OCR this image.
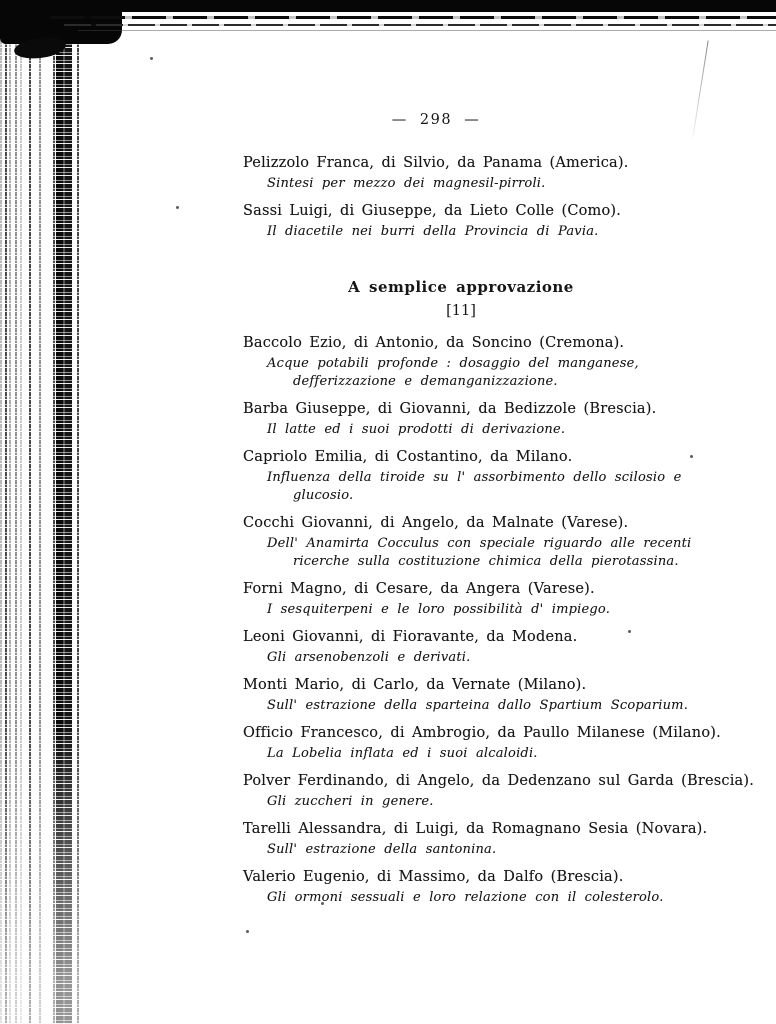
— 298 —
Pelizzolo Franca, di Silvio, da Panama (America).
Sintesi per mezzo dei magnesil-pirroli.
Sassi Luigi, di Giuseppe, da Lieto Colle (Como).
Il diacetile nei burri della Provincia di Pavia.
A semplice approvazione
[11]
Baccolo Ezio, di Antonio, da Soncino (Cremona).
Acque potabili profonde : dosaggio del manganese, defferizzazione e demanganizzazione.
Barba Giuseppe, di Giovanni, da Bedizzole (Brescia).
Il latte ed i suoi prodotti di derivazione.
Capriolo Emilia, di Costantino, da Milano.
Influenza della tiroide su l' assorbimento dello scilosio e glucosio.
Cocchi Giovanni, di Angelo, da Malnate (Varese).
Dell' Anamirta Cocculus con speciale riguardo alle recenti ricerche sulla costituzione chimica della pierotassina.
Forni Magno, di Cesare, da Angera (Varese).
I sesquiterpeni e le loro possibilità d' impiego.
Leoni Giovanni, di Fioravante, da Modena.
Gli arsenobenzoli e derivati.
Monti Mario, di Carlo, da Vernate (Milano).
Sull' estrazione della sparteina dallo Spartium Scoparium.
Officio Francesco, di Ambrogio, da Paullo Milanese (Milano).
La Lobelia inflata ed i suoi alcaloidi.
Polver Ferdinando, di Angelo, da Dedenzano sul Garda (Brescia).
Gli zuccheri in genere.
Tarelli Alessandra, di Luigi, da Romagnano Sesia (Novara).
Sull' estrazione della santonina.
Valerio Eugenio, di Massimo, da Dalfo (Brescia).
Gli ormoni sessuali e loro relazione con il colesterolo.
